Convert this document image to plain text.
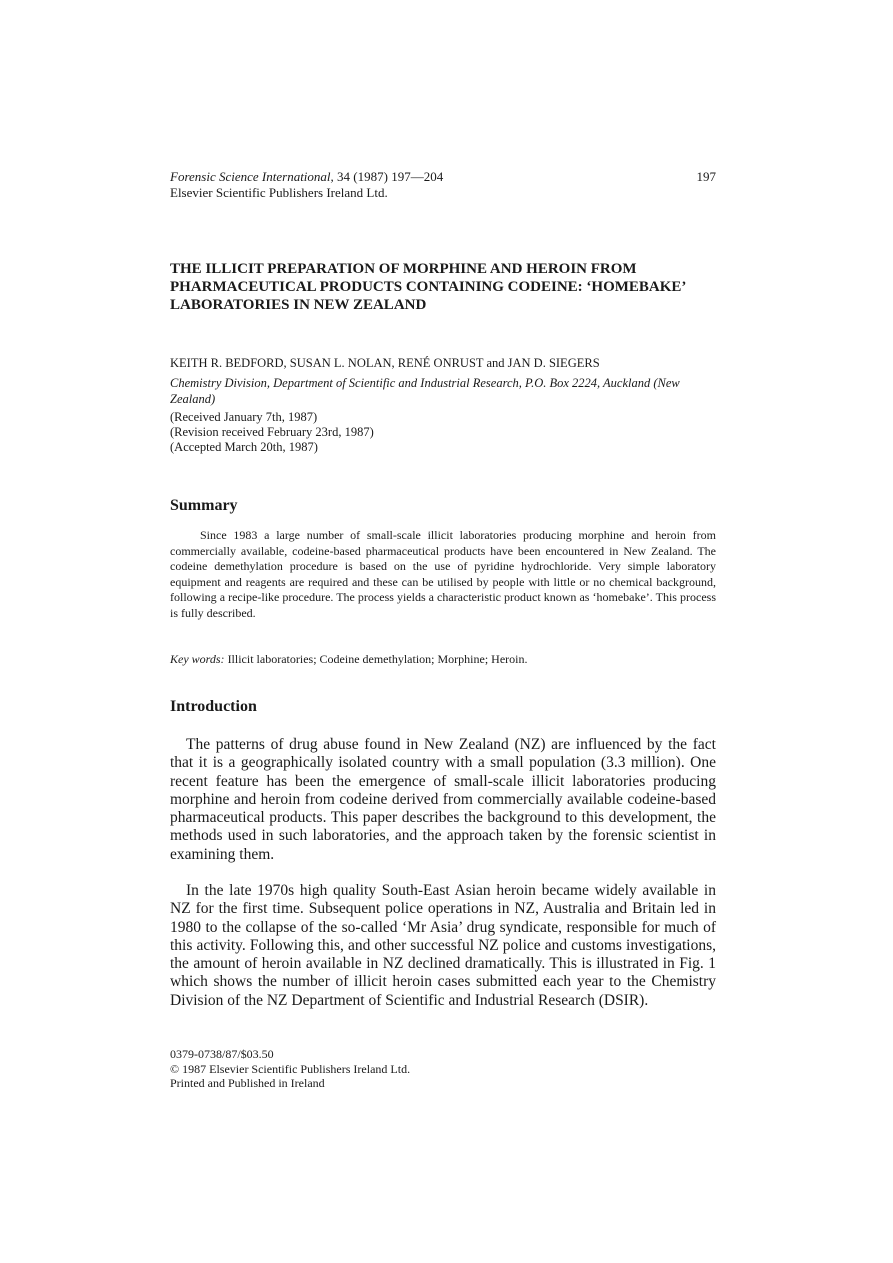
Forensic Science International, 34 (1987) 197—204
Elsevier Scientific Publishers Ireland Ltd.
197
THE ILLICIT PREPARATION OF MORPHINE AND HEROIN FROM
PHARMACEUTICAL PRODUCTS CONTAINING CODEINE: ‘HOMEBAKE’
LABORATORIES IN NEW ZEALAND
KEITH R. BEDFORD, SUSAN L. NOLAN, RENÉ ONRUST and JAN D. SIEGERS
Chemistry Division, Department of Scientific and Industrial Research, P.O. Box 2224, Auckland (New Zealand)
(Received January 7th, 1987)
(Revision received February 23rd, 1987)
(Accepted March 20th, 1987)
Summary

Since 1983 a large number of small-scale illicit laboratories producing morphine and heroin from commercially available, codeine-based pharmaceutical products have been encountered in New Zealand. The codeine demethylation procedure is based on the use of pyridine hydrochloride. Very simple laboratory equipment and reagents are required and these can be utilised by people with little or no chemical background, following a recipe-like procedure. The process yields a characteristic product known as ‘homebake’. This process is fully described.

Key words: Illicit laboratories; Codeine demethylation; Morphine; Heroin.

Introduction

The patterns of drug abuse found in New Zealand (NZ) are influenced by the fact that it is a geographically isolated country with a small population (3.3 million). One recent feature has been the emergence of small-scale illicit laboratories producing morphine and heroin from codeine derived from commercially available codeine-based pharmaceutical products. This paper describes the background to this development, the methods used in such laboratories, and the approach taken by the forensic scientist in examining them.

In the late 1970s high quality South-East Asian heroin became widely available in NZ for the first time. Subsequent police operations in NZ, Australia and Britain led in 1980 to the collapse of the so-called ‘Mr Asia’ drug syndicate, responsible for much of this activity. Following this, and other successful NZ police and customs investigations, the amount of heroin available in NZ declined dramatically. This is illustrated in Fig. 1 which shows the number of illicit heroin cases submitted each year to the Chemistry Division of the NZ Department of Scientific and Industrial Research (DSIR).

0379-0738/87/$03.50
© 1987 Elsevier Scientific Publishers Ireland Ltd.
Printed and Published in Ireland
